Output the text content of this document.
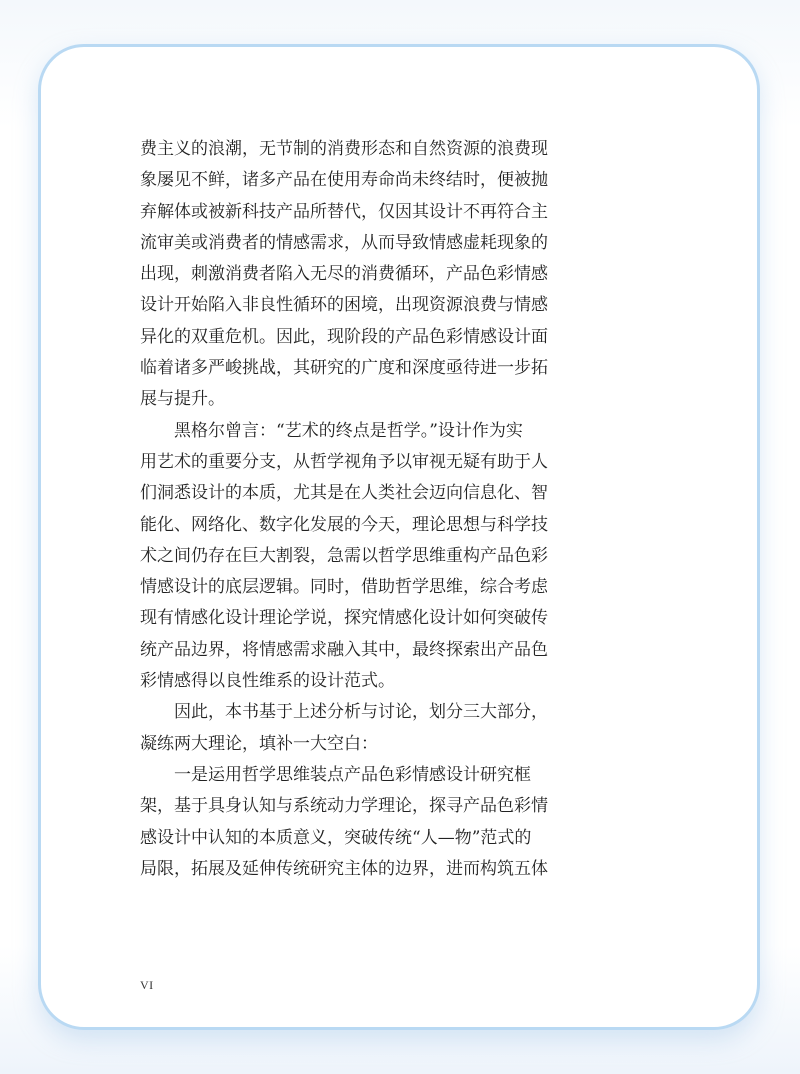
费主义的浪潮，无节制的消费形态和自然资源的浪费现
象屡见不鲜，诸多产品在使用寿命尚未终结时，便被抛
弃解体或被新科技产品所替代，仅因其设计不再符合主
流审美或消费者的情感需求，从而导致情感虚耗现象的
出现，刺激消费者陷入无尽的消费循环，产品色彩情感
设计开始陷入非良性循环的困境，出现资源浪费与情感
异化的双重危机。因此，现阶段的产品色彩情感设计面
临着诸多严峻挑战，其研究的广度和深度亟待进一步拓
展与提升。

黑格尔曾言：“艺术的终点是哲学。”设计作为实
用艺术的重要分支，从哲学视角予以审视无疑有助于人
们洞悉设计的本质，尤其是在人类社会迈向信息化、智
能化、网络化、数字化发展的今天，理论思想与科学技
术之间仍存在巨大割裂，急需以哲学思维重构产品色彩
情感设计的底层逻辑。同时，借助哲学思维，综合考虑
现有情感化设计理论学说，探究情感化设计如何突破传
统产品边界，将情感需求融入其中，最终探索出产品色
彩情感得以良性维系的设计范式。

因此，本书基于上述分析与讨论，划分三大部分，
凝练两大理论，填补一大空白：

一是运用哲学思维装点产品色彩情感设计研究框
架，基于具身认知与系统动力学理论，探寻产品色彩情
感设计中认知的本质意义，突破传统“人—物”范式的
局限，拓展及延伸传统研究主体的边界，进而构筑五体

VI
